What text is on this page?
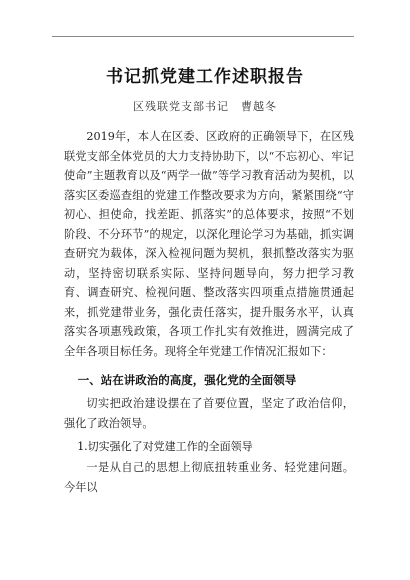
书记抓党建工作述职报告
区残联党支部书记　曹越冬

2019年，本人在区委、区政府的正确领导下，在区残联党支部全体党员的大力支持协助下，以“不忘初心、牢记使命”主题教育以及“两学一做”等学习教育活动为契机，以落实区委巡查组的党建工作整改要求为方向，紧紧围绕“守初心、担使命，找差距、抓落实”的总体要求，按照“不划阶段、不分环节”的规定，以深化理论学习为基础，抓实调查研究为载体，深入检视问题为契机，狠抓整改落实为驱动，坚持密切联系实际、坚持问题导向，努力把学习教育、调查研究、检视问题、整改落实四项重点措施贯通起来，抓党建带业务，强化责任落实，提升服务水平，认真落实各项惠残政策，各项工作扎实有效推进，圆满完成了全年各项目标任务。现将全年党建工作情况汇报如下：

一、站在讲政治的高度，强化党的全面领导

切实把政治建设摆在了首要位置，坚定了政治信仰，强化了政治领导。

1.切实强化了对党建工作的全面领导

一是从自己的思想上彻底扭转重业务、轻党建问题。今年以
